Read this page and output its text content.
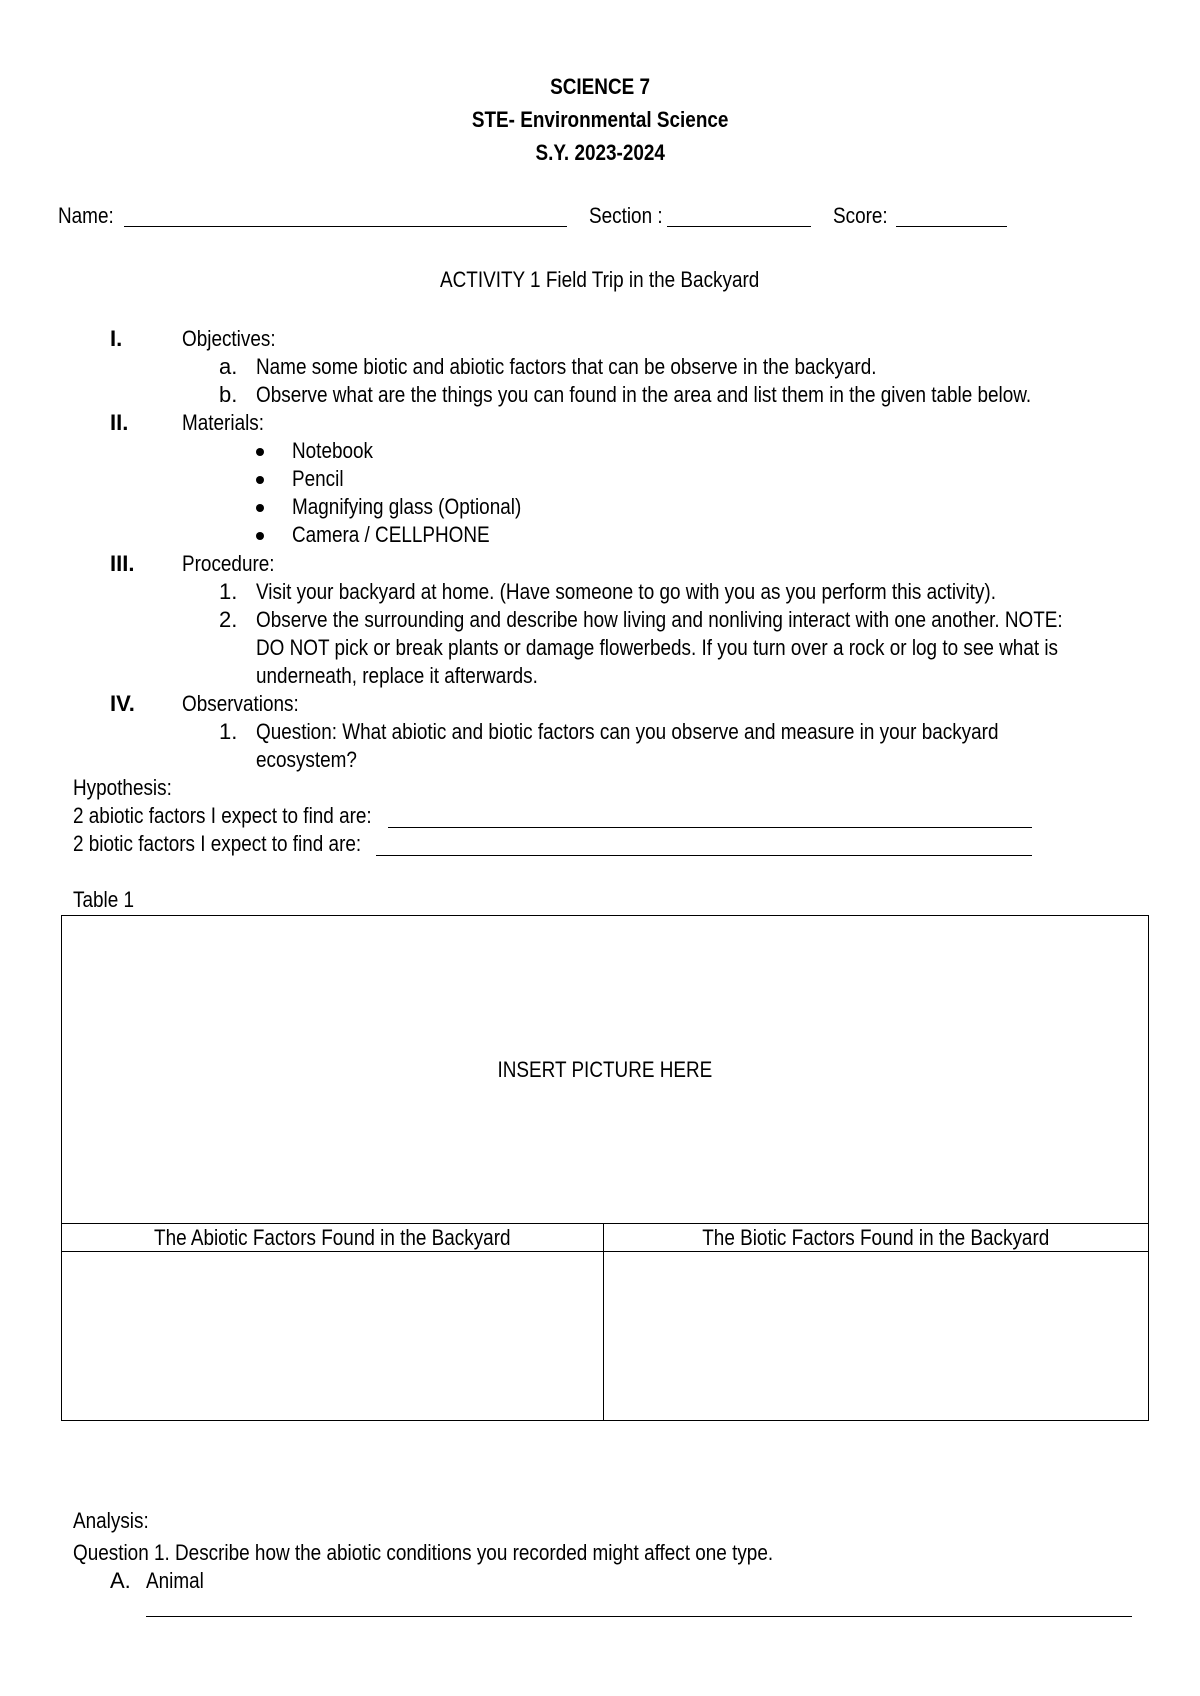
SCIENCE 7
STE- Environmental Science
S.Y. 2023-2024
Name:	Section :	Score:
ACTIVITY 1 Field Trip in the Backyard
I.	Objectives:
a. Name some biotic and abiotic factors that can be observe in the backyard.
b. Observe what are the things you can found in the area and list them in the given table below.
II. Materials:
Notebook
Pencil
Magnifying glass (Optional)
Camera / CELLPHONE
III. Procedure:
1. Visit your backyard at home. (Have someone to go with you as you perform this activity).
2. Observe the surrounding and describe how living and nonliving interact with one another. NOTE:
DO NOT pick or break plants or damage flowerbeds. If you turn over a rock or log to see what is
underneath, replace it afterwards.
IV. Observations:
1. Question: What abiotic and biotic factors can you observe and measure in your backyard
ecosystem?
Hypothesis:
2 abiotic factors I expect to find are:
2 biotic factors I expect to find are:
Table 1
INSERT PICTURE HERE	
The Abiotic Factors Found in the Backyard	The Biotic Factors Found in the Backyard

Analysis:
Question 1. Describe how the abiotic conditions you recorded might affect one type.
A. Animal
